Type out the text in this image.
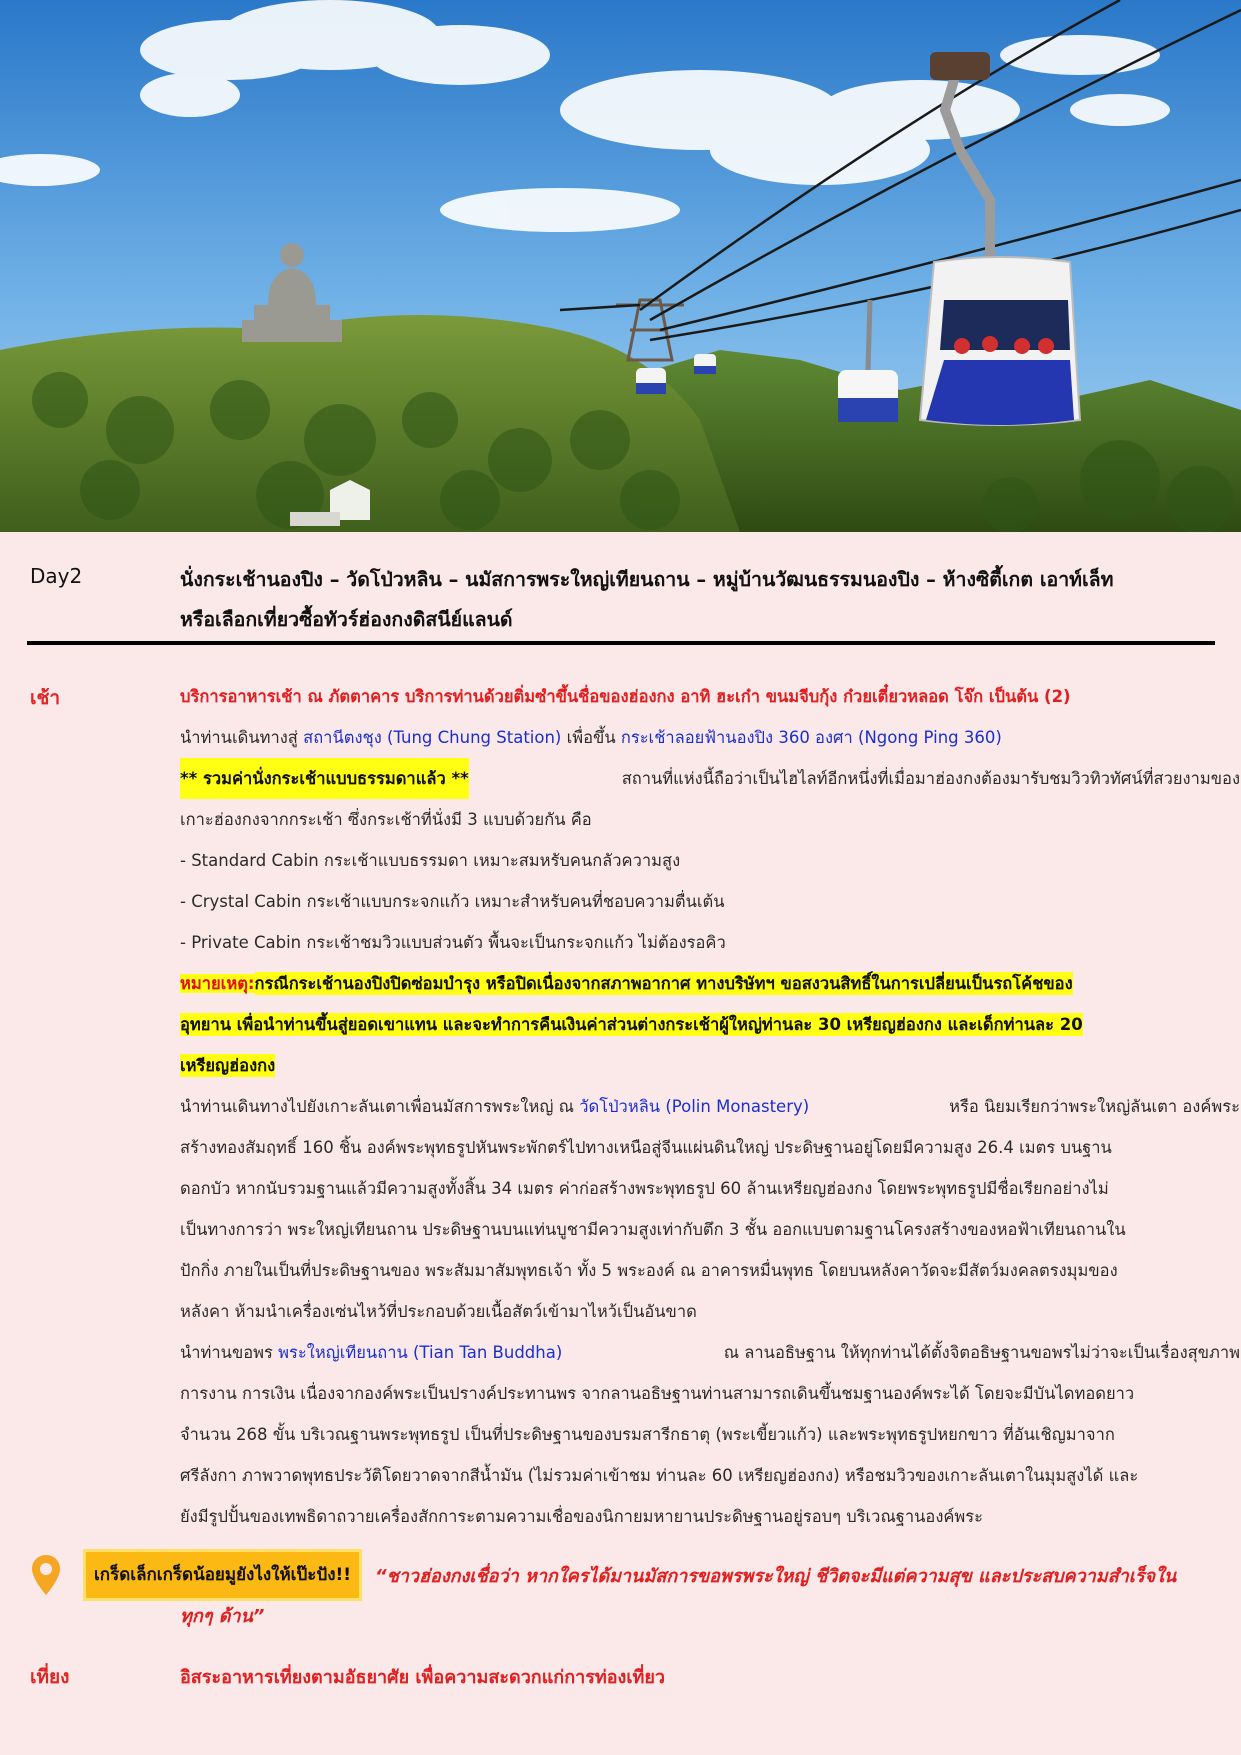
Day2	นั่งกระเช้านองปิง – วัดโป่วหลิน – นมัสการพระใหญ่เทียนถาน – หมู่บ้านวัฒนธรรมนองปิง – ห้างซิตี้เกต เอาท์เล็ท
หรือเลือกเที่ยวซื้อทัวร์ฮ่องกงดิสนีย์แลนด์
เช้า	บริการอาหารเช้า ณ ภัตตาคาร บริการท่านด้วยติ่มซำขึ้นชื่อของฮ่องกง อาทิ ฮะเก๋า ขนมจีบกุ้ง ก๋วยเตี๋ยวหลอด โจ๊ก เป็นต้น (2)
นำท่านเดินทางสู่ สถานีตงชุง (Tung Chung Station) เพื่อขึ้น กระเช้าลอยฟ้านองปิง 360 องศา (Ngong Ping 360)
** รวมค่านั่งกระเช้าแบบธรรมดาแล้ว **	สถานที่แห่งนี้ถือว่าเป็นไฮไลท์อีกหนึ่งที่เมื่อมาฮ่องกงต้องมารับชมวิวทิวทัศน์ที่สวยงามของ
เกาะฮ่องกงจากกระเช้า ซึ่งกระเช้าที่นั่งมี 3 แบบด้วยกัน คือ
- Standard Cabin กระเช้าแบบธรรมดา เหมาะสมหรับคนกลัวความสูง
- Crystal Cabin กระเช้าแบบกระจกแก้ว เหมาะสำหรับคนที่ชอบความตื่นเต้น
- Private Cabin กระเช้าชมวิวแบบส่วนตัว พื้นจะเป็นกระจกแก้ว ไม่ต้องรอคิว
หมายเหตุ:กรณีกระเช้านองปิงปิดซ่อมบำรุง หรือปิดเนื่องจากสภาพอากาศ ทางบริษัทฯ ขอสงวนสิทธิ์ในการเปลี่ยนเป็นรถโค้ชของ
อุทยาน เพื่อนำท่านขึ้นสู่ยอดเขาแทน และจะทำการคืนเงินค่าส่วนต่างกระเช้าผู้ใหญ่ท่านละ 30 เหรียญฮ่องกง และเด็กท่านละ 20
เหรียญฮ่องกง
นำท่านเดินทางไปยังเกาะลันเตาเพื่อนมัสการพระใหญ่ ณ วัดโป่วหลิน (Polin Monastery)	หรือ นิยมเรียกว่าพระใหญ่ลันเตา องค์พระ
สร้างทองสัมฤทธิ์ 160 ชิ้น องค์พระพุทธรูปหันพระพักตร์ไปทางเหนือสู่จีนแผ่นดินใหญ่ ประดิษฐานอยู่โดยมีความสูง 26.4 เมตร บนฐาน
ดอกบัว หากนับรวมฐานแล้วมีความสูงทั้งสิ้น 34 เมตร ค่าก่อสร้างพระพุทธรูป 60 ล้านเหรียญฮ่องกง โดยพระพุทธรูปมีชื่อเรียกอย่างไม่
เป็นทางการว่า พระใหญ่เทียนถาน ประดิษฐานบนแท่นบูชามีความสูงเท่ากับตึก 3 ชั้น ออกแบบตามฐานโครงสร้างของหอฟ้าเทียนถานใน
ปักกิ่ง ภายในเป็นที่ประดิษฐานของ พระสัมมาสัมพุทธเจ้า ทั้ง 5 พระองค์ ณ อาคารหมื่นพุทธ โดยบนหลังคาวัดจะมีสัตว์มงคลตรงมุมของ
หลังคา ห้ามนำเครื่องเซ่นไหว้ที่ประกอบด้วยเนื้อสัตว์เข้ามาไหว้เป็นอันขาด
นำท่านขอพร พระใหญ่เทียนถาน (Tian Tan Buddha)	ณ ลานอธิษฐาน ให้ทุกท่านได้ตั้งจิตอธิษฐานขอพรไม่ว่าจะเป็นเรื่องสุขภาพ
การงาน การเงิน เนื่องจากองค์พระเป็นปรางค์ประทานพร จากลานอธิษฐานท่านสามารถเดินขึ้นชมฐานองค์พระได้ โดยจะมีบันไดทอดยาว
จำนวน 268 ขั้น บริเวณฐานพระพุทธรูป เป็นที่ประดิษฐานของบรมสารีกธาตุ (พระเขี้ยวแก้ว) และพระพุทธรูปหยกขาว ที่อันเชิญมาจาก
ศรีลังกา ภาพวาดพุทธประวัติโดยวาดจากสีน้ำมัน (ไม่รวมค่าเข้าชม ท่านละ 60 เหรียญฮ่องกง) หรือชมวิวของเกาะลันเตาในมุมสูงได้ และ
ยังมีรูปปั้นของเทพธิดาถวายเครื่องสักการะตามความเชื่อของนิกายมหายานประดิษฐานอยู่รอบๆ บริเวณฐานองค์พระ
เกร็ดเล็กเกร็ดน้อยมูยังไงให้เป๊ะปัง!!	“ชาวฮ่องกงเชื่อว่า หากใครได้มานมัสการขอพรพระใหญ่ ชีวิตจะมีแต่ความสุข และประสบความสำเร็จใน
ทุกๆ ด้าน”
เที่ยง	อิสระอาหารเที่ยงตามอัธยาศัย เพื่อความสะดวกแก่การท่องเที่ยว
